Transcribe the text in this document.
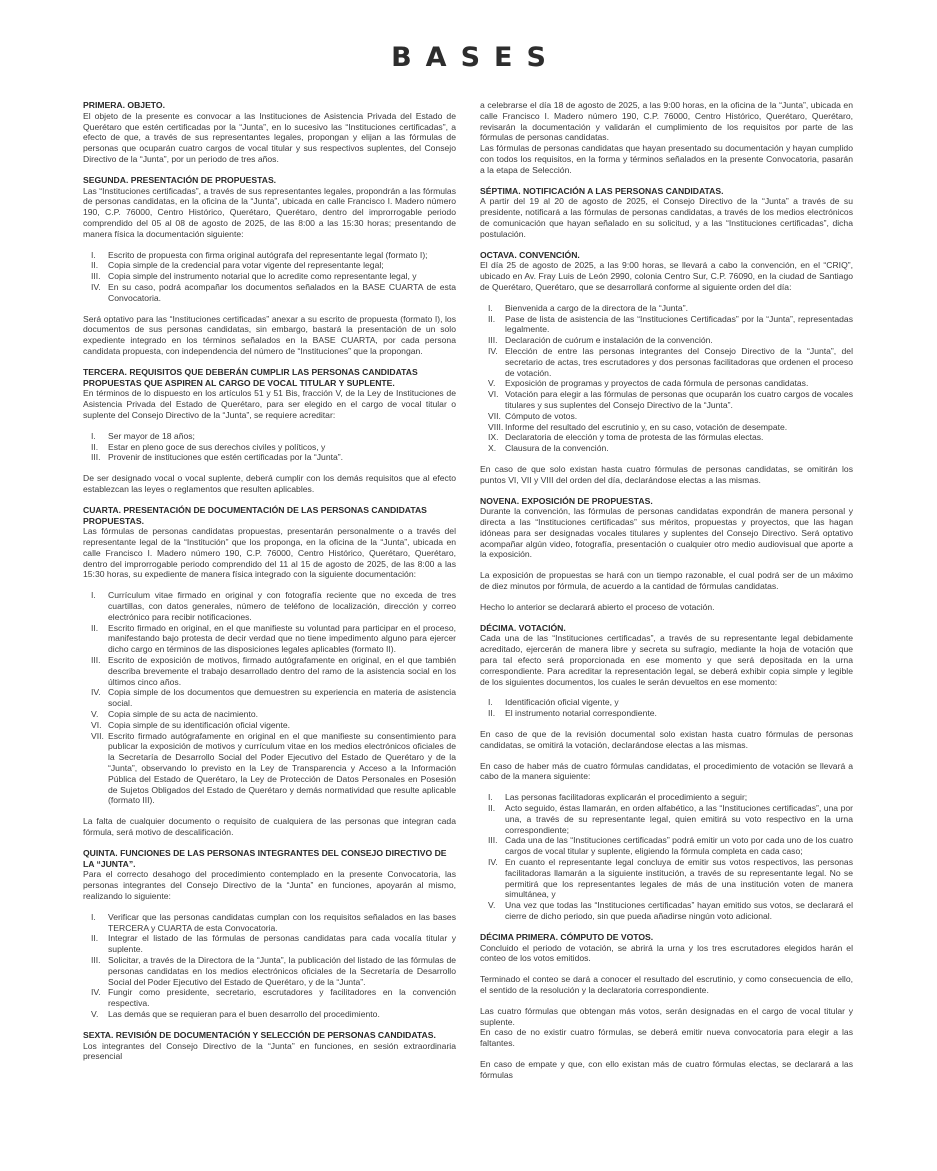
BASES
PRIMERA. OBJETO.

El objeto de la presente es convocar a las Instituciones de Asistencia Privada del Estado de Querétaro que estén certificadas por la “Junta”, en lo sucesivo las “Instituciones certificadas”, a efecto de que, a través de sus representantes legales, propongan y elijan a las fórmulas de personas que ocuparán cuatro cargos de vocal titular y sus respectivos suplentes, del Consejo Directivo de la “Junta”, por un periodo de tres años.

SEGUNDA. PRESENTACIÓN DE PROPUESTAS.

Las “Instituciones certificadas”, a través de sus representantes legales, propondrán a las fórmulas de personas candidatas, en la oficina de la “Junta”, ubicada en calle Francisco I. Madero número 190, C.P. 76000, Centro Histórico, Querétaro, Querétaro, dentro del improrrogable periodo comprendido del 05 al 08 de agosto de 2025, de las 8:00 a las 15:30 horas; presentando de manera física la documentación siguiente:

I.	Escrito de propuesta con firma original autógrafa del representante legal (formato I);
II.	Copia simple de la credencial para votar vigente del representante legal;
III. Copia simple del instrumento notarial que lo acredite como representante legal, y
IV. En su caso, podrá acompañar los documentos señalados en la BASE CUARTA de esta Convocatoria.

Será optativo para las “Instituciones certificadas” anexar a su escrito de propuesta (formato I), los documentos de sus personas candidatas, sin embargo, bastará la presentación de un solo expediente integrado en los términos señalados en la BASE CUARTA, por cada persona candidata propuesta, con independencia del número de “Instituciones” que la propongan.

TERCERA. REQUISITOS QUE DEBERÁN CUMPLIR LAS PERSONAS CANDIDATAS PROPUESTAS QUE ASPIREN AL CARGO DE VOCAL TITULAR Y SUPLENTE.

En términos de lo dispuesto en los artículos 51 y 51 Bis, fracción V, de la Ley de Instituciones de Asistencia Privada del Estado de Querétaro, para ser elegido en el cargo de vocal titular o suplente del Consejo Directivo de la “Junta”, se requiere acreditar:

I.	Ser mayor de 18 años;
II.	Estar en pleno goce de sus derechos civiles y políticos, y
III. Provenir de instituciones que estén certificadas por la “Junta”.

De ser designado vocal o vocal suplente, deberá cumplir con los demás requisitos que al efecto establezcan las leyes o reglamentos que resulten aplicables.

CUARTA. PRESENTACIÓN DE DOCUMENTACIÓN DE LAS PERSONAS CANDIDATAS PROPUESTAS.

Las fórmulas de personas candidatas propuestas, presentarán personalmente o a través del representante legal de la “Institución” que los proponga, en la oficina de la “Junta”, ubicada en calle Francisco I. Madero número 190, C.P. 76000, Centro Histórico, Querétaro, Querétaro, dentro del improrrogable periodo comprendido del 11 al 15 de agosto de 2025, de las 8:00 a las 15:30 horas, su expediente de manera física integrado con la siguiente documentación:

I.	Currículum vitae firmado en original y con fotografía reciente que no exceda de tres cuartillas, con datos generales, número de teléfono de localización, dirección y correo electrónico para recibir notificaciones.
II.	Escrito firmado en original, en el que manifieste su voluntad para participar en el proceso, manifestando bajo protesta de decir verdad que no tiene impedimento alguno para ejercer dicho cargo en términos de las disposiciones legales aplicables (formato II).
III. Escrito de exposición de motivos, firmado autógrafamente en original, en el que también describa brevemente el trabajo desarrollado dentro del ramo de la asistencia social en los últimos cinco años.
IV. Copia simple de los documentos que demuestren su experiencia en materia de asistencia social.
V.	Copia simple de su acta de nacimiento.
VI. Copia simple de su identificación oficial vigente.
VII. Escrito firmado autógrafamente en original en el que manifieste su consentimiento para publicar la exposición de motivos y currículum vitae en los medios electrónicos oficiales de la Secretaría de Desarrollo Social del Poder Ejecutivo del Estado de Querétaro y de la “Junta”, observando lo previsto en la Ley de Transparencia y Acceso a la Información Pública del Estado de Querétaro, la Ley de Protección de Datos Personales en Posesión de Sujetos Obligados del Estado de Querétaro y demás normatividad que resulte aplicable (formato III).

La falta de cualquier documento o requisito de cualquiera de las personas que integran cada fórmula, será motivo de descalificación.

QUINTA. FUNCIONES DE LAS PERSONAS INTEGRANTES DEL CONSEJO DIRECTIVO DE LA “JUNTA”.

Para el correcto desahogo del procedimiento contemplado en la presente Convocatoria, las personas integrantes del Consejo Directivo de la “Junta” en funciones, apoyarán al mismo, realizando lo siguiente:

I.	Verificar que las personas candidatas cumplan con los requisitos señalados en las bases TERCERA y CUARTA de esta Convocatoria.
II.	Integrar el listado de las fórmulas de personas candidatas para cada vocalía titular y suplente.
III. Solicitar, a través de la Directora de la “Junta”, la publicación del listado de las fórmulas de personas candidatas en los medios electrónicos oficiales de la Secretaría de Desarrollo Social del Poder Ejecutivo del Estado de Querétaro, y de la “Junta”.
IV. Fungir como presidente, secretario, escrutadores y facilitadores en la convención respectiva.
V.	Las demás que se requieran para el buen desarrollo del procedimiento.
SEXTA. REVISIÓN DE DOCUMENTACIÓN Y SELECCIÓN DE PERSONAS CANDIDATAS.

Los integrantes del Consejo Directivo de la “Junta” en funciones, en sesión extraordinaria presencial

a celebrarse el día 18 de agosto de 2025, a las 9:00 horas, en la oficina de la “Junta”, ubicada en calle Francisco I. Madero número 190, C.P. 76000, Centro Histórico, Querétaro, Querétaro, revisarán la documentación y validarán el cumplimiento de los requisitos por parte de las fórmulas de personas candidatas.

Las fórmulas de personas candidatas que hayan presentado su documentación y hayan cumplido con todos los requisitos, en la forma y términos señalados en la presente Convocatoria, pasarán a la etapa de Selección.

SÉPTIMA. NOTIFICACIÓN A LAS PERSONAS CANDIDATAS.

A partir del 19 al 20 de agosto de 2025, el Consejo Directivo de la “Junta” a través de su presidente, notificará a las fórmulas de personas candidatas, a través de los medios electrónicos de comunicación que hayan señalado en su solicitud, y a las “Instituciones certificadas”, dicha postulación.

OCTAVA. CONVENCIÓN.

El día 25 de agosto de 2025, a las 9:00 horas, se llevará a cabo la convención, en el “CRIQ”, ubicado en Av. Fray Luis de León 2990, colonia Centro Sur, C.P. 76090, en la ciudad de Santiago de Querétaro, Querétaro, que se desarrollará conforme al siguiente orden del día:

I.	Bienvenida a cargo de la directora de la “Junta”.
II.	Pase de lista de asistencia de las “Instituciones Certificadas” por la “Junta”, representadas legalmente.
III. Declaración de cuórum e instalación de la convención.
IV. Elección de entre las personas integrantes del Consejo Directivo de la “Junta”, del secretario de actas, tres escrutadores y dos personas facilitadoras que ordenen el proceso de votación.
V.	Exposición de programas y proyectos de cada fórmula de personas candidatas.
VI. Votación para elegir a las fórmulas de personas que ocuparán los cuatro cargos de vocales titulares y sus suplentes del Consejo Directivo de la “Junta”.
VII. Cómputo de votos.
VIII. Informe del resultado del escrutinio y, en su caso, votación de desempate.
IX. Declaratoria de elección y toma de protesta de las fórmulas electas.
X.	Clausura de la convención.

En caso de que solo existan hasta cuatro fórmulas de personas candidatas, se omitirán los puntos VI, VII y VIII del orden del día, declarándose electas a las mismas.

NOVENA. EXPOSICIÓN DE PROPUESTAS.

Durante la convención, las fórmulas de personas candidatas expondrán de manera personal y directa a las “Instituciones certificadas” sus méritos, propuestas y proyectos, que las hagan idóneas para ser designadas vocales titulares y suplentes del Consejo Directivo. Será optativo acompañar algún video, fotografía, presentación o cualquier otro medio audiovisual que aporte a la exposición.

La exposición de propuestas se hará con un tiempo razonable, el cual podrá ser de un máximo de diez minutos por fórmula, de acuerdo a la cantidad de fórmulas candidatas.

Hecho lo anterior se declarará abierto el proceso de votación.

DÉCIMA. VOTACIÓN.

Cada una de las “Instituciones certificadas”, a través de su representante legal debidamente acreditado, ejercerán de manera libre y secreta su sufragio, mediante la hoja de votación que para tal efecto será proporcionada en ese momento y que será depositada en la urna correspondiente. Para acreditar la representación legal, se deberá exhibir copia simple y legible de los siguientes documentos, los cuales le serán devueltos en ese momento:

I.	Identificación oficial vigente, y
II.	El instrumento notarial correspondiente.

En caso de que de la revisión documental solo existan hasta cuatro fórmulas de personas candidatas, se omitirá la votación, declarándose electas a las mismas.

En caso de haber más de cuatro fórmulas candidatas, el procedimiento de votación se llevará a cabo de la manera siguiente:

I.	Las personas facilitadoras explicarán el procedimiento a seguir;
II.	Acto seguido, éstas llamarán, en orden alfabético, a las “Instituciones certificadas”, una por una, a través de su representante legal, quien emitirá su voto respectivo en la urna correspondiente;
III. Cada una de las “Instituciones certificadas” podrá emitir un voto por cada uno de los cuatro cargos de vocal titular y suplente, eligiendo la fórmula completa en cada caso;
IV. En cuanto el representante legal concluya de emitir sus votos respectivos, las personas facilitadoras llamarán a la siguiente institución, a través de su representante legal. No se permitirá que los representantes legales de más de una institución voten de manera simultánea, y
V.	Una vez que todas las “Instituciones certificadas” hayan emitido sus votos, se declarará el cierre de dicho periodo, sin que pueda añadirse ningún voto adicional.
DÉCIMA PRIMERA. CÓMPUTO DE VOTOS.

Concluido el periodo de votación, se abrirá la urna y los tres escrutadores elegidos harán el conteo de los votos emitidos.

Terminado el conteo se dará a conocer el resultado del escrutinio, y como consecuencia de ello, el sentido de la resolución y la declaratoria correspondiente.

Las cuatro fórmulas que obtengan más votos, serán designadas en el cargo de vocal titular y suplente.

En caso de no existir cuatro fórmulas, se deberá emitir nueva convocatoria para elegir a las faltantes.

En caso de empate y que, con ello existan más de cuatro fórmulas electas, se declarará a las fórmulas
